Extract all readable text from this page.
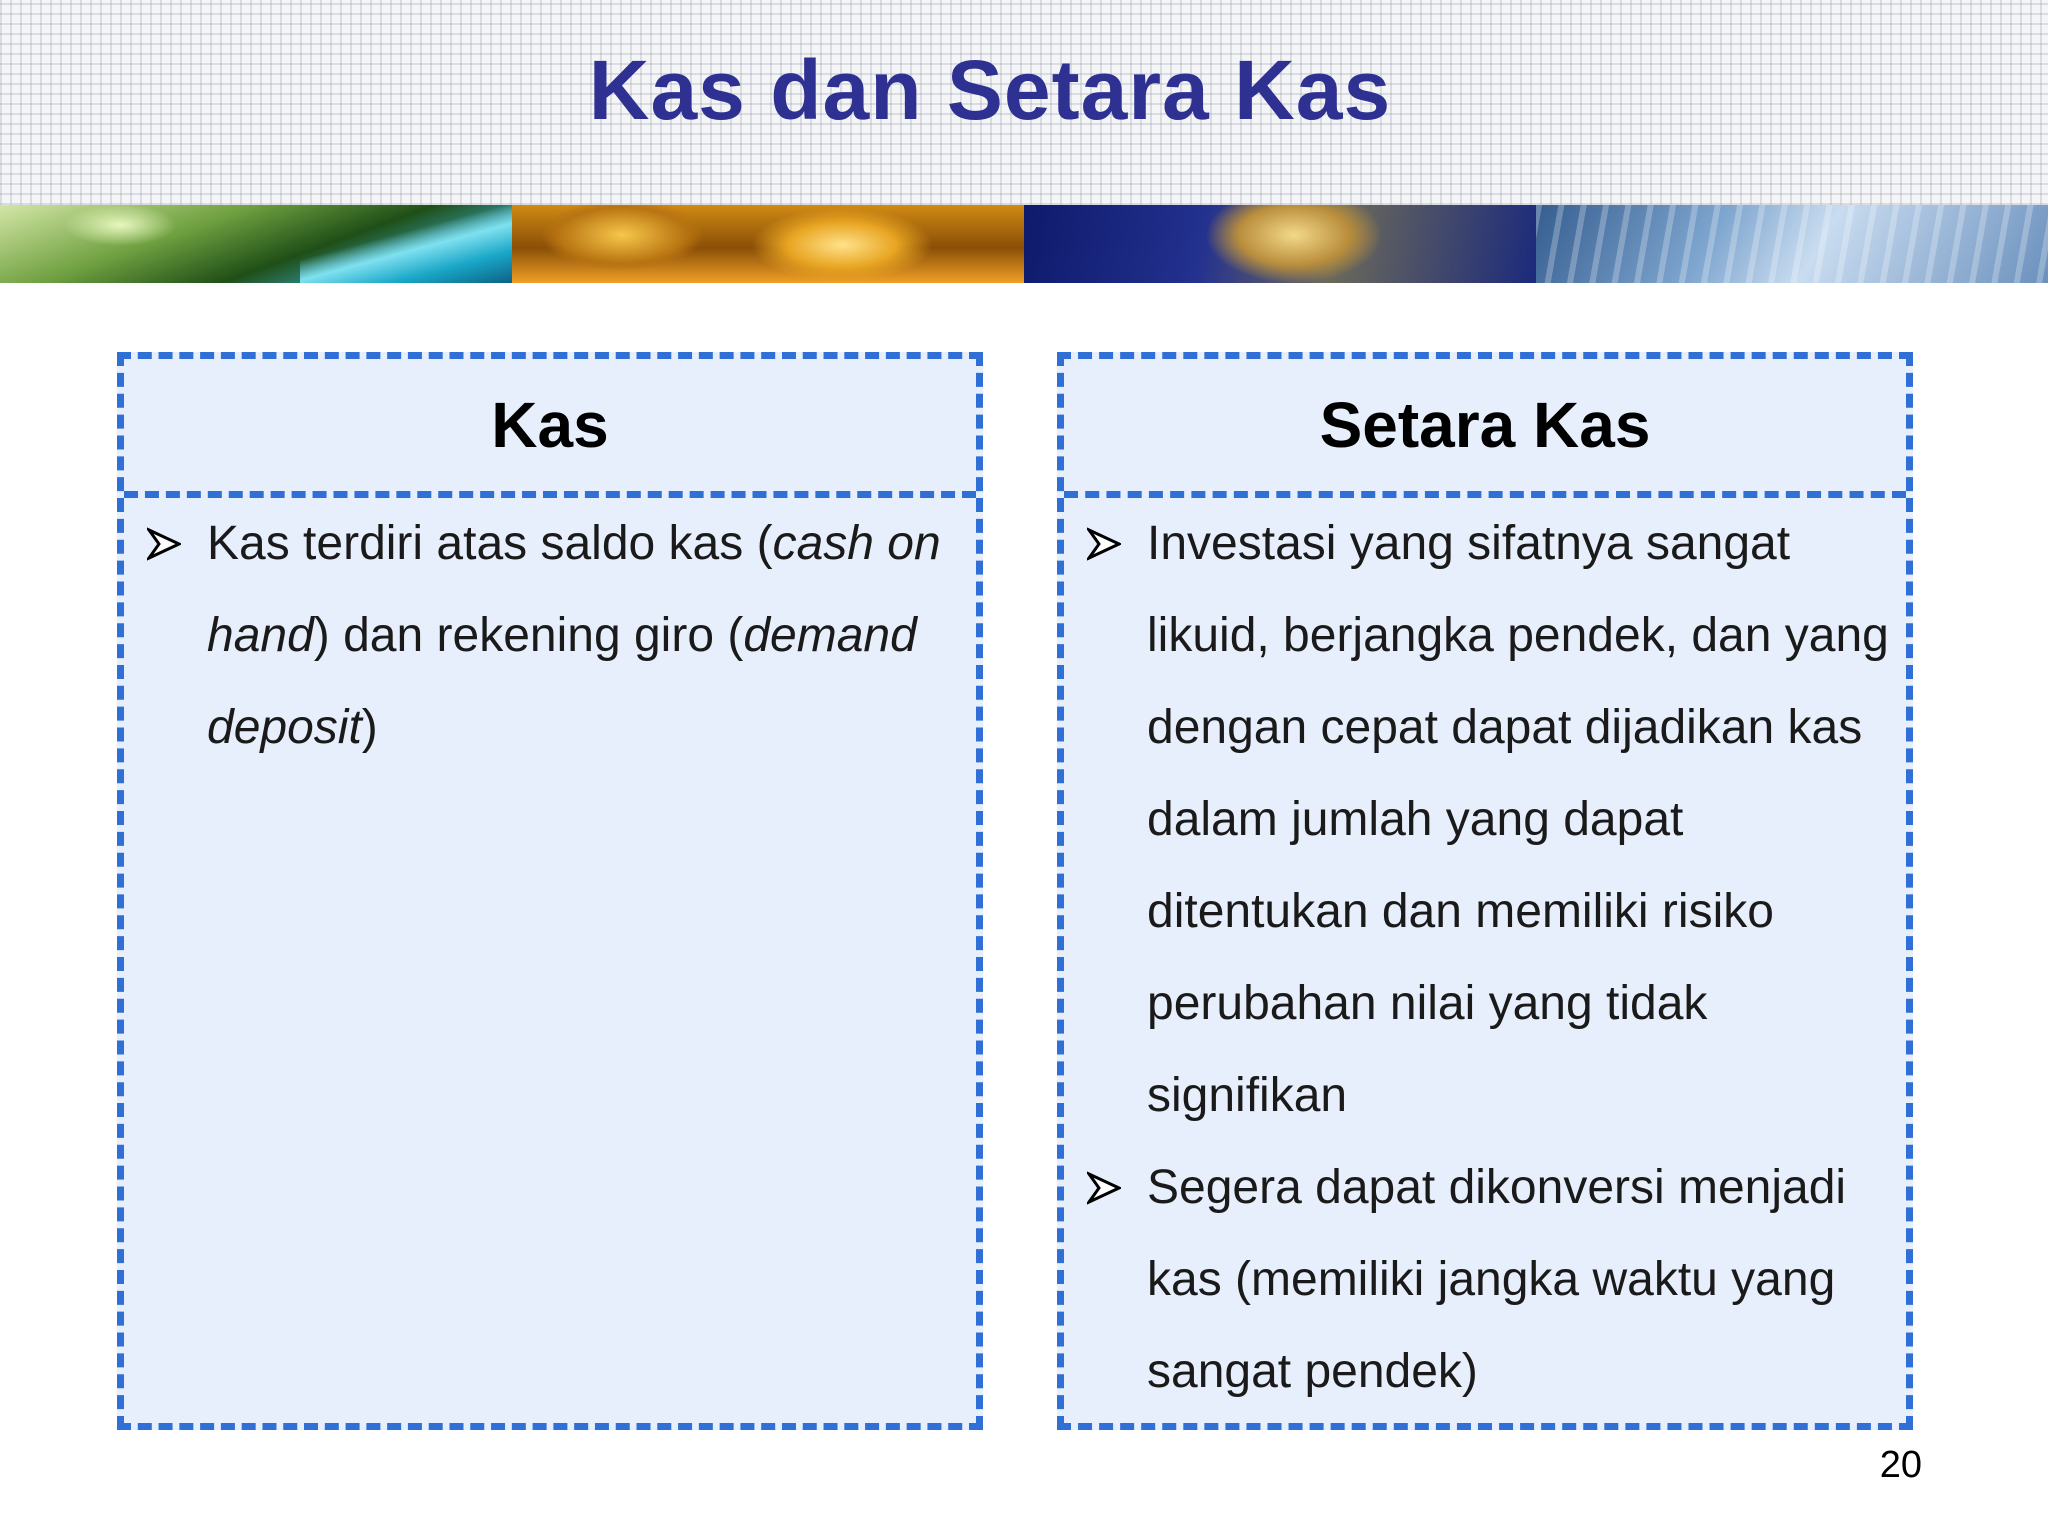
Kas dan Setara Kas
Kas
Kas terdiri atas saldo kas (cash on hand) dan rekening giro (demand deposit)
Setara Kas
Investasi yang sifatnya sangat likuid, berjangka pendek, dan yang dengan cepat dapat dijadikan kas dalam jumlah yang dapat ditentukan dan memiliki risiko perubahan nilai yang tidak signifikan
Segera dapat dikonversi menjadi kas (memiliki jangka waktu yang sangat pendek)
20
